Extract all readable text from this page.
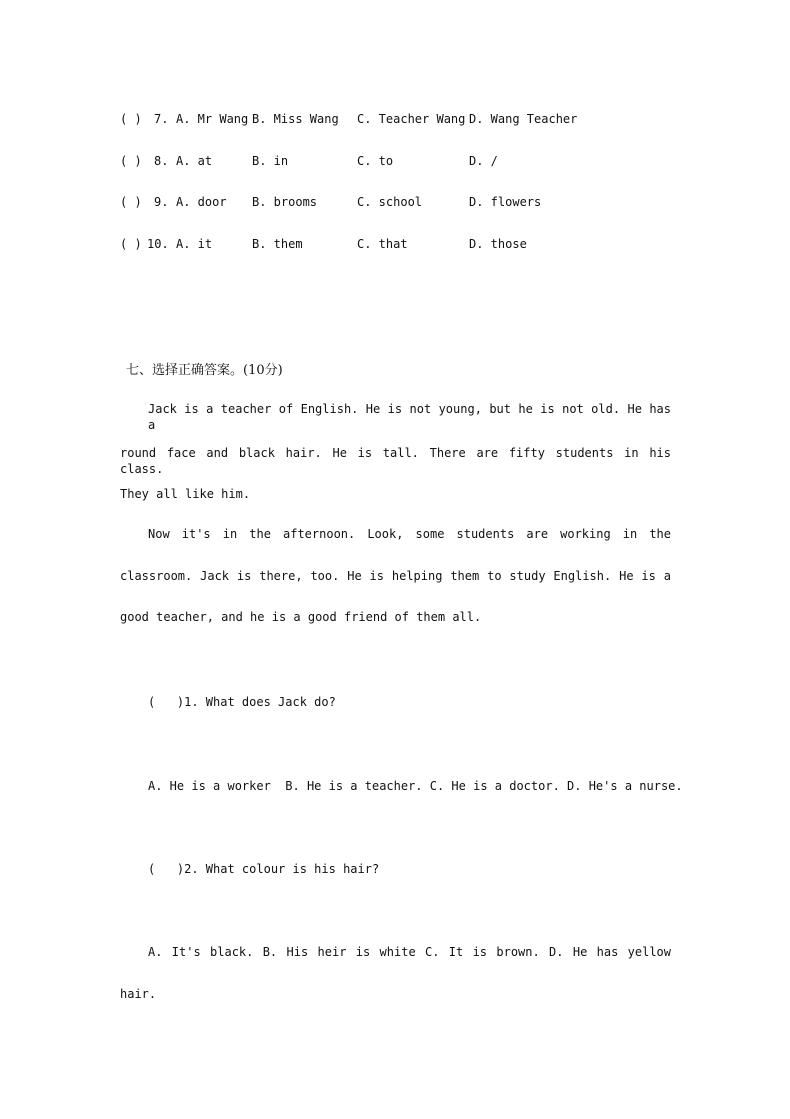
( ) 7. A. Mr Wang B. Miss Wang C. Teacher Wang D. Wang Teacher
( ) 8. A. at	B. in	C. to	D. /
( ) 9. A. door B. brooms	C. school	D. flowers
( ) 10. A. it	B. them	C. that	D. those
七、选择正确答案。(10分)
Jack is a teacher of English. He is not young, but he is not old. He has a
round face and black hair. He is tall. There are fifty students in his class.
They all like him.
Now it's in the afternoon. Look, some students are working in the
classroom. Jack is there, too. He is helping them to study English. He is a
good teacher, and he is a good friend of them all.
(   )1. What does Jack do?
A. He is a worker  B. He is a teacher. C. He is a doctor. D. He's a nurse.
(   )2. What colour is his hair?
A. It's black. B. His heir is white C. It is brown. D. He has yellow
hair.
